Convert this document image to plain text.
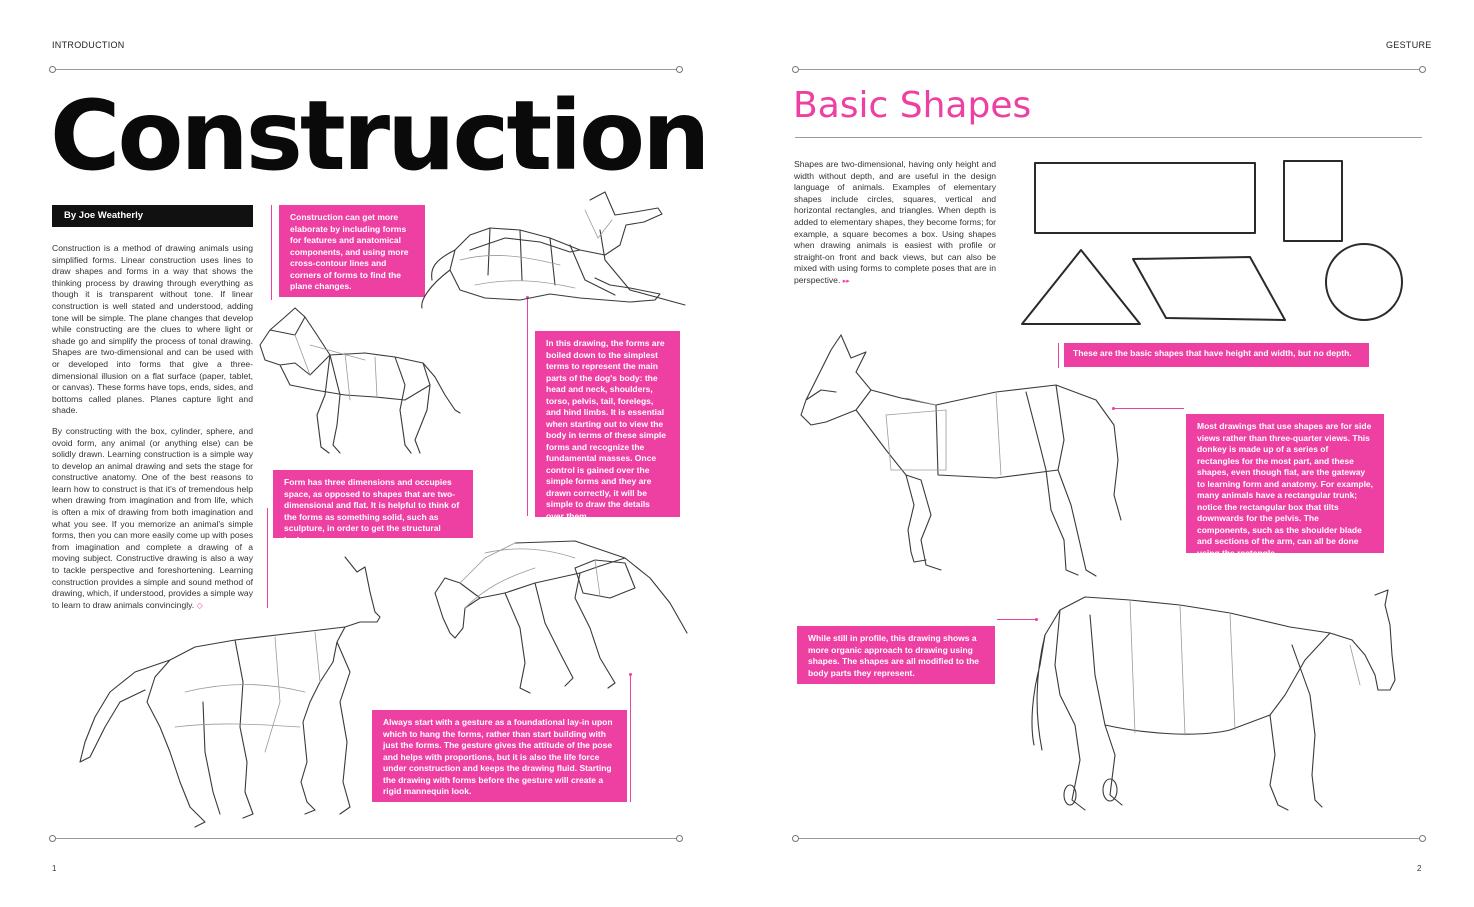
INTRODUCTION
Construction
By Joe Weatherly

Construction is a method of drawing animals using simplified forms. Linear construction uses lines to draw shapes and forms in a way that shows the thinking process by drawing through everything as though it is transparent without tone. If linear construction is well stated and understood, adding tone will be simple. The plane changes that develop while constructing are the clues to where light or shade go and simplify the process of tonal drawing. Shapes are two-dimensional and can be used with or developed into forms that give a three-dimensional illusion on a flat surface (paper, tablet, or canvas). These forms have tops, ends, sides, and bottoms called planes. Planes capture light and shade.

By constructing with the box, cylinder, sphere, and ovoid form, any animal (or anything else) can be solidly drawn. Learning construction is a simple way to develop an animal drawing and sets the stage for constructive anatomy. One of the best reasons to learn how to construct is that it's of tremendous help when drawing from imagination and from life, which is often a mix of drawing from both imagination and what you see. If you memorize an animal's simple forms, then you can more easily come up with poses from imagination and complete a drawing of a moving subject. Constructive drawing is also a way to tackle perspective and foreshortening. Learning construction provides a simple and sound method of drawing, which, if understood, provides a simple way to learn to draw animals convincingly. ◇

Construction can get more elaborate by including forms for features and anatomical components, and using more cross-contour lines and corners of forms to find the plane changes.
In this drawing, the forms are boiled down to the simplest terms to represent the main parts of the dog's body: the head and neck, shoulders, torso, pelvis, tail, forelegs, and hind limbs. It is essential when starting out to view the body in terms of these simple forms and recognize the fundamental masses. Once control is gained over the simple forms and they are drawn correctly, it will be simple to draw the details over them.
Form has three dimensions and occupies space, as opposed to shapes that are two-dimensional and flat. It is helpful to think of the forms as something solid, such as sculpture, in order to get the structural look.
Always start with a gesture as a foundational lay-in upon which to hang the forms, rather than start building with just the forms. The gesture gives the attitude of the pose and helps with proportions, but it is also the life force under construction and keeps the drawing fluid. Starting the drawing with forms before the gesture will create a rigid mannequin look.
1
GESTURE
Basic Shapes
Shapes are two-dimensional, having only height and width without depth, and are useful in the design language of animals. Examples of elementary shapes include circles, squares, vertical and horizontal rectangles, and triangles. When depth is added to elementary shapes, they become forms; for example, a square becomes a box. Using shapes when drawing animals is easiest with profile or straight-on front and back views, but can also be mixed with using forms to complete poses that are in perspective. ▸▸
These are the basic shapes that have height and width, but no depth.
Most drawings that use shapes are for side views rather than three-quarter views. This donkey is made up of a series of rectangles for the most part, and these shapes, even though flat, are the gateway to learning form and anatomy. For example, many animals have a rectangular trunk; notice the rectangular box that tilts downwards for the pelvis. The components, such as the shoulder blade and sections of the arm, can all be done using the rectangle.
While still in profile, this drawing shows a more organic approach to drawing using shapes. The shapes are all modified to the body parts they represent.
2
